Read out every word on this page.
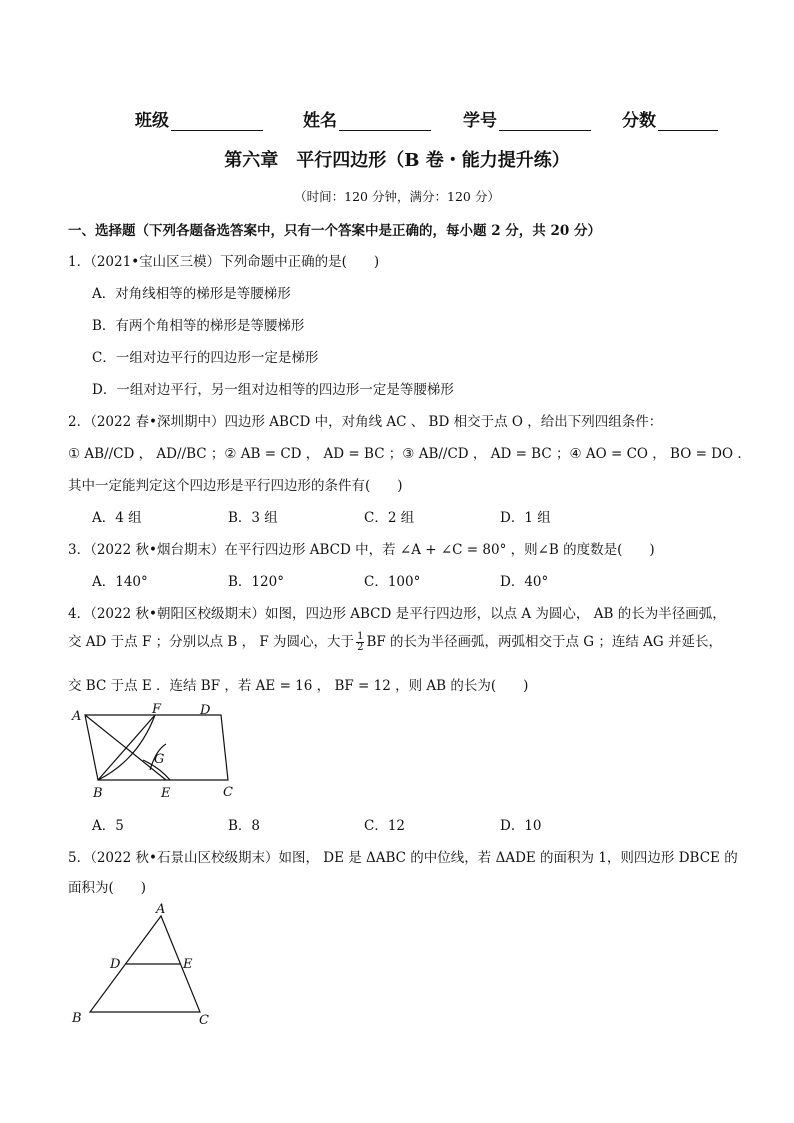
班级	姓名	学号	分数
第六章　平行四边形（B 卷・能力提升练）
（时间：120 分钟，满分：120 分）
一、选择题（下列各题备选答案中，只有一个答案中是正确的，每小题 2 分，共 20 分）
1．（2021•宝山区三模）下列命题中正确的是(　　)
A．对角线相等的梯形是等腰梯形
B．有两个角相等的梯形是等腰梯形
C．一组对边平行的四边形一定是梯形
D．一组对边平行，另一组对边相等的四边形一定是等腰梯形
2．（2022 春•深圳期中）四边形 ABCD 中，对角线 AC 、 BD 相交于点 O ，给出下列四组条件：
① AB//CD ， AD//BC ；② AB = CD ， AD = BC ；③ AB//CD ， AD = BC ；④ AO = CO ， BO = DO .
其中一定能判定这个四边形是平行四边形的条件有(　　)
A．4 组	B．3 组	C．2 组	D．1 组
3．（2022 秋•烟台期末）在平行四边形 ABCD 中，若 ∠A + ∠C = 80° ，则∠B 的度数是(　　)
A．140°	B．120°	C．100°	D．40°
4．（2022 秋•朝阳区校级期末）如图，四边形 ABCD 是平行四边形，以点 A 为圆心， AB 的长为半径画弧，
交 AD 于点 F ；分别以点 B ， F 为圆心，大于 $\frac{1}{2}$ BF 的长为半径画弧，两弧相交于点 G ；连结 AG 并延长，
交 BC 于点 E ．连结 BF ，若 AE = 16 ， BF = 12 ，则 AB 的长为(　　)
A	F	D
G
B	E	C
A．5	B．8	C．12	D．10
5．（2022 秋•石景山区校级期末）如图， DE 是 ΔABC 的中位线，若 ΔADE 的面积为 1，则四边形 DBCE 的
面积为(　　)
A
D	E
B	C
